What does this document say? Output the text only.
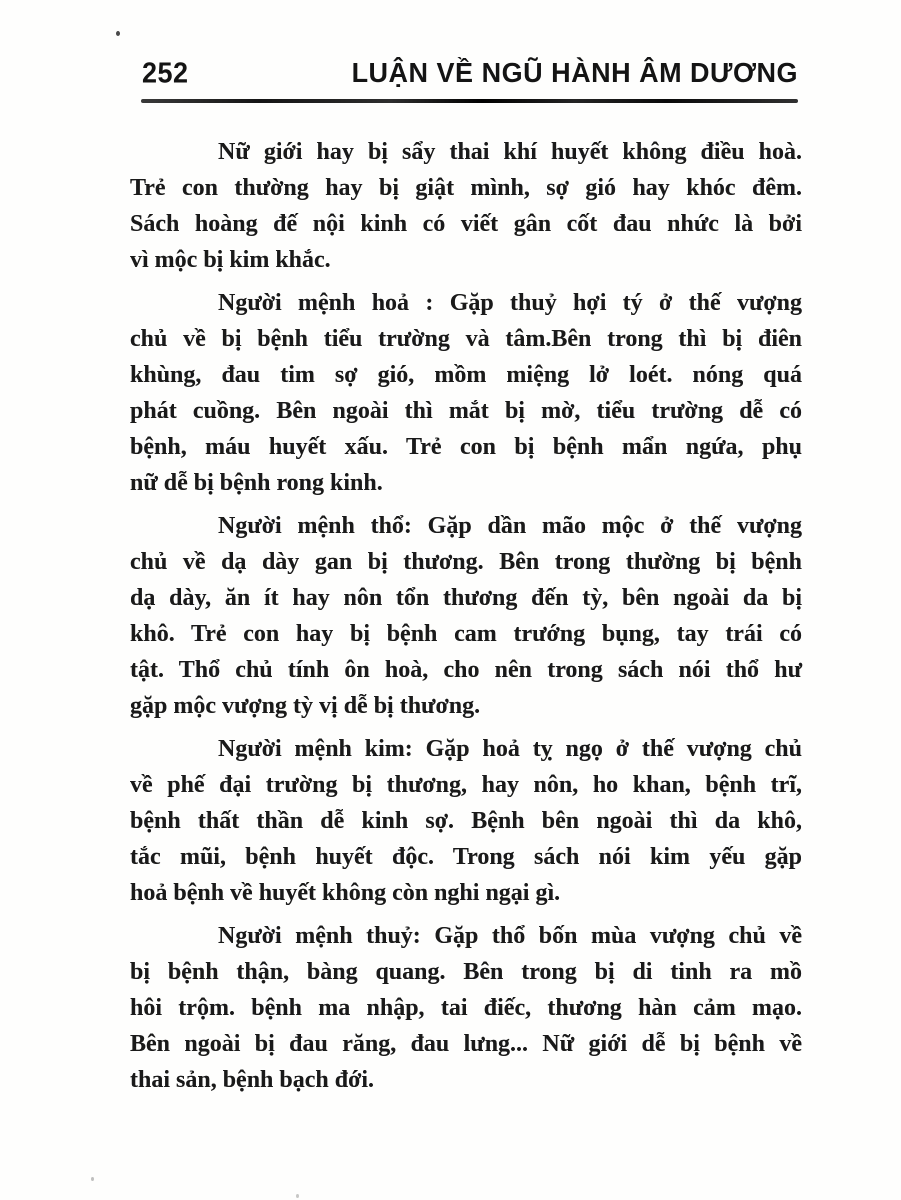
252	LUẬN VỀ NGŨ HÀNH ÂM DƯƠNG
Nữ giới hay bị sẩy thai khí huyết không điều hoà.
Trẻ con thường hay bị giật mình, sợ gió hay khóc đêm.
Sách hoàng đế nội kinh có viết gân cốt đau nhức là bởi
vì mộc bị kim khắc.
Người mệnh hoả : Gặp thuỷ hợi tý ở thế vượng
chủ về bị bệnh tiểu trường và tâm.Bên trong thì bị điên
khùng, đau tim sợ gió, mồm miệng lở loét. nóng quá
phát cuồng. Bên ngoài thì mắt bị mờ, tiểu trường dễ có
bệnh, máu huyết xấu. Trẻ con bị bệnh mẩn ngứa, phụ
nữ dễ bị bệnh rong kinh.
Người mệnh thổ: Gặp dần mão mộc ở thế vượng
chủ về dạ dày gan bị thương. Bên trong thường bị bệnh
dạ dày, ăn ít hay nôn tổn thương đến tỳ, bên ngoài da bị
khô. Trẻ con hay bị bệnh cam trướng bụng, tay trái có
tật. Thổ chủ tính ôn hoà, cho nên trong sách nói thổ hư
gặp mộc vượng tỳ vị dễ bị thương.
Người mệnh kim: Gặp hoả tỵ ngọ ở thế vượng chủ
về phế đại trường bị thương, hay nôn, ho khan, bệnh trĩ,
bệnh thất thần dễ kinh sợ. Bệnh bên ngoài thì da khô,
tắc mũi, bệnh huyết độc. Trong sách nói kim yếu gặp
hoả bệnh về huyết không còn nghi ngại gì.
Người mệnh thuỷ: Gặp thổ bốn mùa vượng chủ về
bị bệnh thận, bàng quang. Bên trong bị di tinh ra mồ
hôi trộm. bệnh ma nhập, tai điếc, thương hàn cảm mạo.
Bên ngoài bị đau răng, đau lưng... Nữ giới dễ bị bệnh về
thai sản, bệnh bạch đới.
